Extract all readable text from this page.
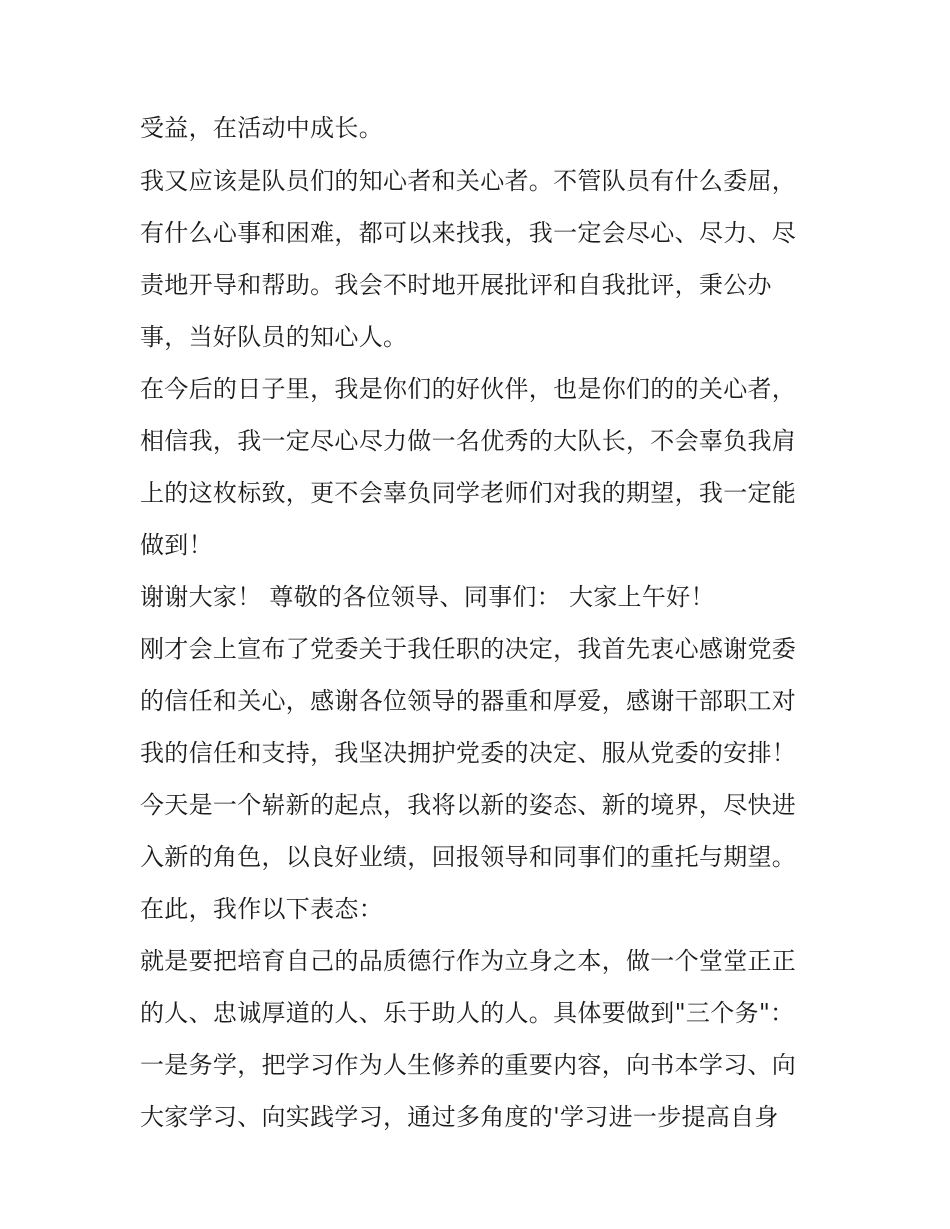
受益，在活动中成长。
我又应该是队员们的知心者和关心者。不管队员有什么委屈，
有什么心事和困难，都可以来找我，我一定会尽心、尽力、尽
责地开导和帮助。我会不时地开展批评和自我批评，秉公办
事，当好队员的知心人。
在今后的日子里，我是你们的好伙伴，也是你们的的关心者，
相信我，我一定尽心尽力做一名优秀的大队长，不会辜负我肩
上的这枚标致，更不会辜负同学老师们对我的期望，我一定能
做到！
谢谢大家！ 尊敬的各位领导、同事们： 大家上午好！
刚才会上宣布了党委关于我任职的决定，我首先衷心感谢党委
的信任和关心，感谢各位领导的器重和厚爱，感谢干部职工对
我的信任和支持，我坚决拥护党委的决定、服从党委的安排！
今天是一个崭新的起点，我将以新的姿态、新的境界，尽快进
入新的角色，以良好业绩，回报领导和同事们的重托与期望。
在此，我作以下表态：
就是要把培育自己的品质德行作为立身之本，做一个堂堂正正
的人、忠诚厚道的人、乐于助人的人。具体要做到"三个务"：
一是务学，把学习作为人生修养的重要内容，向书本学习、向
大家学习、向实践学习，通过多角度的'学习进一步提高自身
